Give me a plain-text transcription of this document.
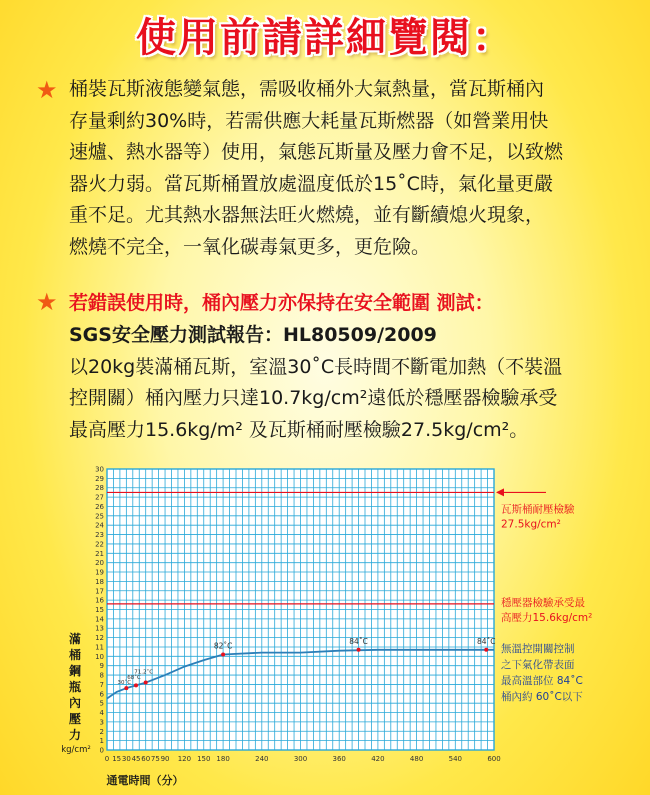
使用前請詳細覽閱：
★ 桶裝瓦斯液態變氣態，需吸收桶外大氣熱量，當瓦斯桶內
存量剩約30%時，若需供應大耗量瓦斯燃器（如營業用快
速爐、熱水器等）使用，氣態瓦斯量及壓力會不足，以致燃
器火力弱。當瓦斯桶置放處溫度低於15˚C時，氣化量更嚴
重不足。尤其熱水器無法旺火燃燒，並有斷續熄火現象，
燃燒不完全，一氧化碳毒氣更多，更危險。
★ 若錯誤使用時，桶內壓力亦保持在安全範圍 測試：
SGS安全壓力測試報告：HL80509/2009
以20kg裝滿桶瓦斯，室溫30˚C長時間不斷電加熱（不裝溫
控開關）桶內壓力只達10.7kg/cm²遠低於穩壓器檢驗承受
最高壓力15.6kg/m² 及瓦斯桶耐壓檢驗27.5kg/cm²。
0
1
2
3
4
5
6
7
8
9
10
11
12
13
14
15
16
17
18
19
20
21
22
23
24
25
26
27
28
29
30
0 15 30 45 60 75 90 120 150 180	240	300	360	420	480	540	600
瓦斯桶耐壓檢驗
27.5kg/cm²
穩壓器檢驗承受最
高壓力15.6kg/cm²
30˚C
68˚C
71.2˚C
82˚C
84˚C	84˚C
滿
桶
鋼
瓶
內
壓
力
kg/cm²
通電時間（分）
無溫控開關控制
之下氣化帶表面
最高溫部位 84˚C
桶內約 60˚C以下
